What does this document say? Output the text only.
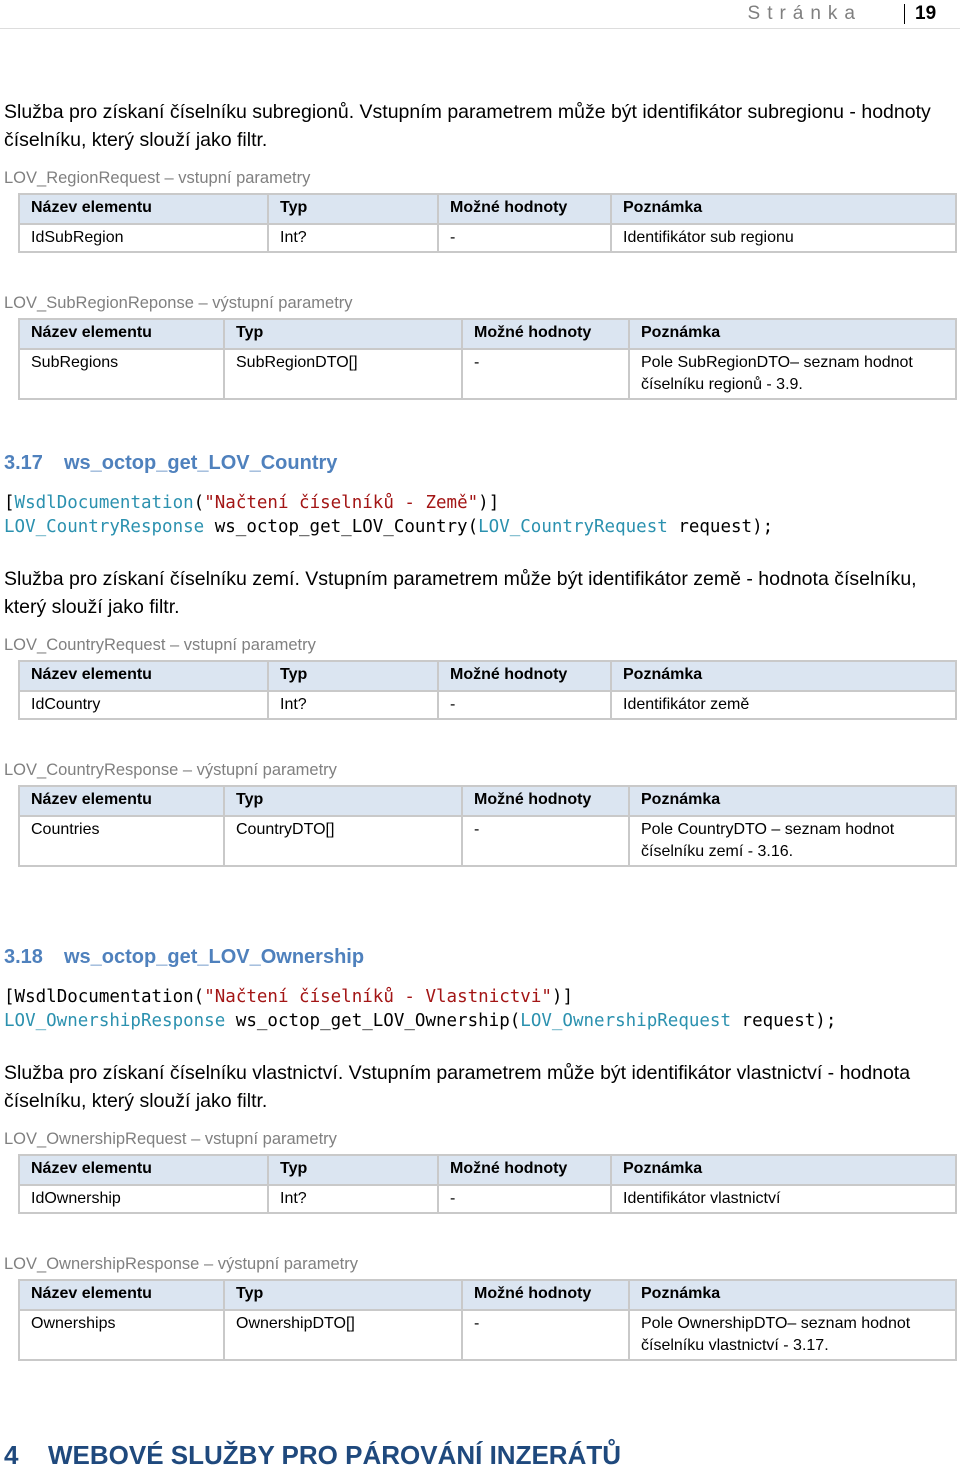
Stránka	19
Služba pro získaní číselníku subregionů. Vstupním parametrem může být identifikátor subregionu - hodnoty číselníku, který slouží jako filtr.
LOV_RegionRequest – vstupní parametry
Název elementu	Typ	Možné hodnoty	Poznámka
IdSubRegion	Int?	-	Identifikátor sub regionu
LOV_SubRegionReponse – výstupní parametry
Název elementu	Typ	Možné hodnoty	Poznámka
SubRegions	SubRegionDTO[]	-	Pole SubRegionDTO– seznam hodnot číselníku regionů - 3.9.
3.17 ws_octop_get_LOV_Country
[WsdlDocumentation("Načtení číselníků - Země")]
LOV_CountryResponse ws_octop_get_LOV_Country(LOV_CountryRequest request);
Služba pro získaní číselníku zemí. Vstupním parametrem může být identifikátor země - hodnota číselníku, který slouží jako filtr.
LOV_CountryRequest – vstupní parametry
Název elementu	Typ	Možné hodnoty	Poznámka
IdCountry	Int?	-	Identifikátor země
LOV_CountryResponse – výstupní parametry
Název elementu	Typ	Možné hodnoty	Poznámka
Countries	CountryDTO[]	-	Pole CountryDTO – seznam hodnot číselníku zemí - 3.16.
3.18 ws_octop_get_LOV_Ownership
[WsdlDocumentation("Načtení číselníků - Vlastnictvi")]
LOV_OwnershipResponse ws_octop_get_LOV_Ownership(LOV_OwnershipRequest request);
Služba pro získaní číselníku vlastnictví. Vstupním parametrem může být identifikátor vlastnictví - hodnota číselníku, který slouží jako filtr.
LOV_OwnershipRequest – vstupní parametry
Název elementu	Typ	Možné hodnoty	Poznámka
IdOwnership	Int?	-	Identifikátor vlastnictví
LOV_OwnershipResponse – výstupní parametry
Název elementu	Typ	Možné hodnoty	Poznámka
Ownerships	OwnershipDTO[]	-	Pole OwnershipDTO– seznam hodnot číselníku vlastnictví - 3.17.
4 WEBOVÉ SLUŽBY PRO PÁROVÁNÍ INZERÁTŮ
